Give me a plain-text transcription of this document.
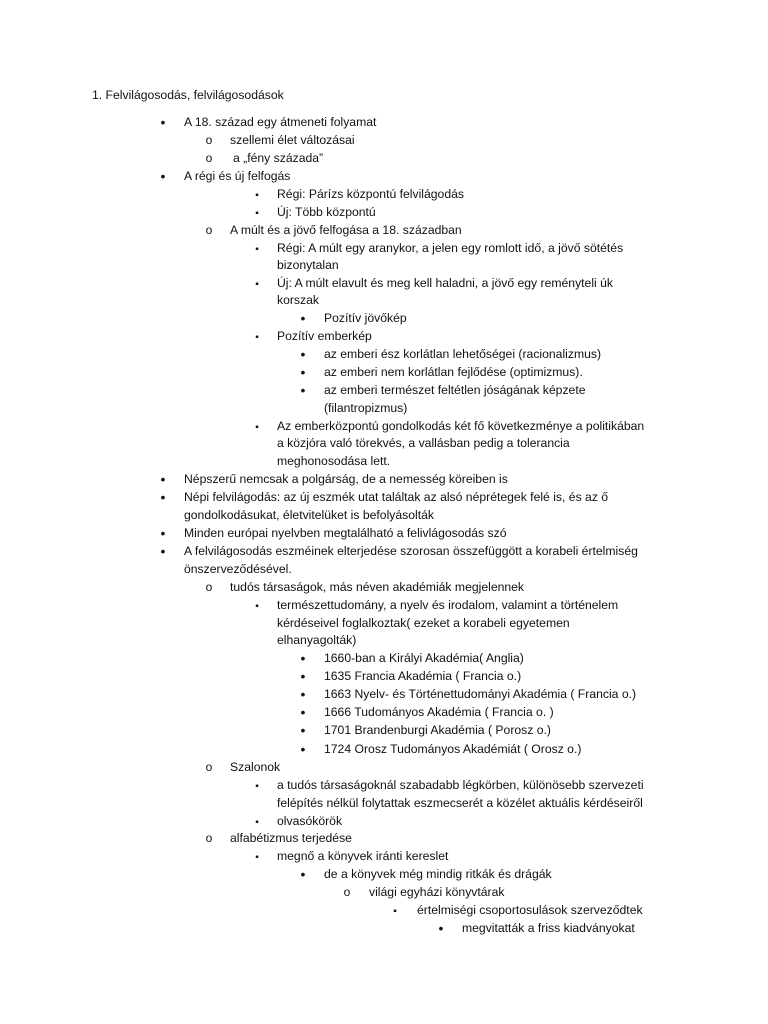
1. Felvilágosodás, felvilágosodások
•
A 18. század egy átmeneti folyamat
o
szellemi élet változásai
o
a „fény százada”
•
A régi és új felfogás
▪
Régi: Párízs központú felvilágodás
▪
Új: Több központú
o
A múlt és a jövő felfogása a 18. században
▪
Régi: A múlt egy aranykor, a jelen egy romlott idő, a jövő sötétés
bizonytalan
▪
Új: A múlt elavult és meg kell haladni, a jövő egy reményteli úk
korszak
•
Pozítív jövőkép
▪
Pozítív emberkép
•
az emberi ész korlátlan lehetőségei (racionalizmus)
•
az emberi nem korlátlan fejlődése (optimizmus).
•
az emberi természet feltétlen jóságának képzete
(filantropizmus)
▪
Az emberközpontú gondolkodás két fő következménye a politikában
a közjóra való törekvés, a vallásban pedig a tolerancia
meghonosodása lett.
•
Népszerű nemcsak a polgárság, de a nemesség köreiben is
•
Népi felvilágodás: az új eszmék utat találtak az alsó néprétegek felé is, és az ő
gondolkodásukat, életvitelüket is befolyásolták
•
Minden európai nyelvben megtalálható a felivlágosodás szó
•
A felvilágosodás eszméinek elterjedése szorosan összefüggött a korabeli értelmiség
önszerveződésével.
o
tudós társaságok, más néven akadémiák megjelennek
▪
természettudomány, a nyelv és irodalom, valamint a történelem
kérdéseivel foglalkoztak( ezeket a korabeli egyetemen
elhanyagolták)
•
1660-ban a Királyi Akadémia( Anglia)
•
1635 Francia Akadémia ( Francia o.)
•
1663 Nyelv- és Történettudományi Akadémia ( Francia o.)
•
1666 Tudományos Akadémia ( Francia o. )
•
1701 Brandenburgi Akadémia ( Porosz o.)
•
1724 Orosz Tudományos Akadémiát ( Orosz o.)
o
Szalonok
▪
a tudós társaságoknál szabadabb légkörben, különösebb szervezeti
felépítés nélkül folytattak eszmecserét a közélet aktuális kérdéseiről
▪
olvasókörök
o
alfabétizmus terjedése
▪
megnő a könyvek iránti kereslet
•
de a könyvek még mindig ritkák és drágák
o
világi egyházi könyvtárak
▪
értelmiségi csoportosulások szerveződtek
•
megvitatták a friss kiadványokat
